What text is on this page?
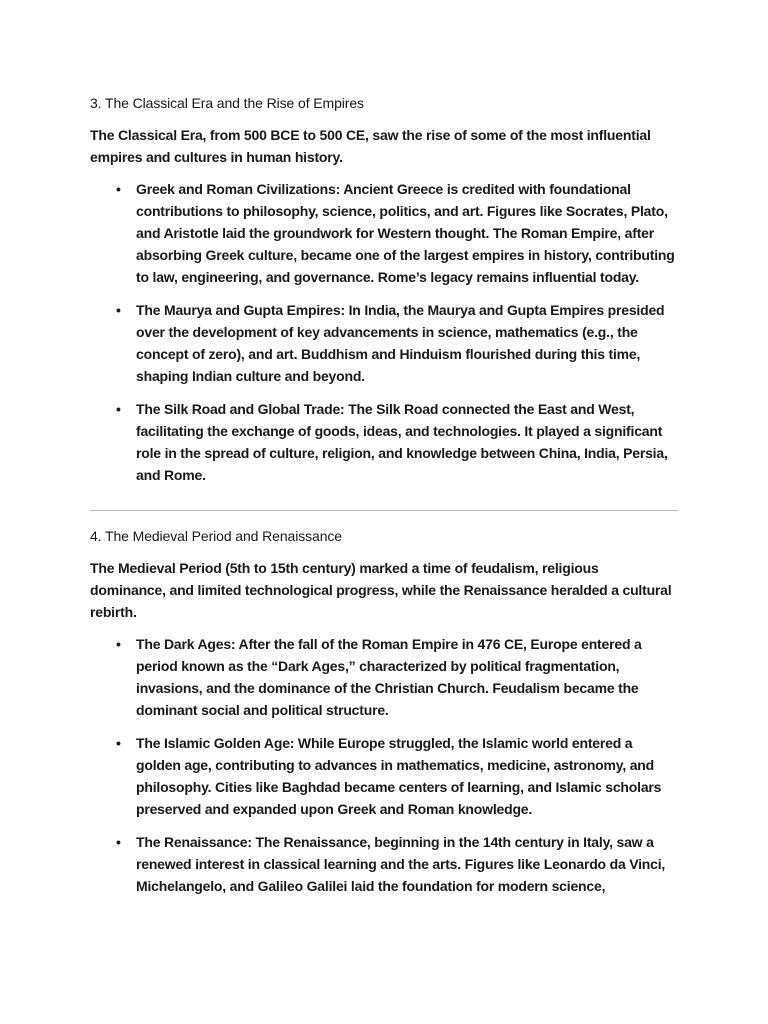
3. The Classical Era and the Rise of Empires

The Classical Era, from 500 BCE to 500 CE, saw the rise of some of the most influential empires and cultures in human history.

• Greek and Roman Civilizations: Ancient Greece is credited with foundational contributions to philosophy, science, politics, and art. Figures like Socrates, Plato, and Aristotle laid the groundwork for Western thought. The Roman Empire, after absorbing Greek culture, became one of the largest empires in history, contributing to law, engineering, and governance. Rome’s legacy remains influential today.
• The Maurya and Gupta Empires: In India, the Maurya and Gupta Empires presided over the development of key advancements in science, mathematics (e.g., the concept of zero), and art. Buddhism and Hinduism flourished during this time, shaping Indian culture and beyond.
• The Silk Road and Global Trade: The Silk Road connected the East and West, facilitating the exchange of goods, ideas, and technologies. It played a significant role in the spread of culture, religion, and knowledge between China, India, Persia, and Rome.
4. The Medieval Period and Renaissance

The Medieval Period (5th to 15th century) marked a time of feudalism, religious dominance, and limited technological progress, while the Renaissance heralded a cultural rebirth.

• The Dark Ages: After the fall of the Roman Empire in 476 CE, Europe entered a period known as the “Dark Ages,” characterized by political fragmentation, invasions, and the dominance of the Christian Church. Feudalism became the dominant social and political structure.
• The Islamic Golden Age: While Europe struggled, the Islamic world entered a golden age, contributing to advances in mathematics, medicine, astronomy, and philosophy. Cities like Baghdad became centers of learning, and Islamic scholars preserved and expanded upon Greek and Roman knowledge.
• The Renaissance: The Renaissance, beginning in the 14th century in Italy, saw a renewed interest in classical learning and the arts. Figures like Leonardo da Vinci, Michelangelo, and Galileo Galilei laid the foundation for modern science,
